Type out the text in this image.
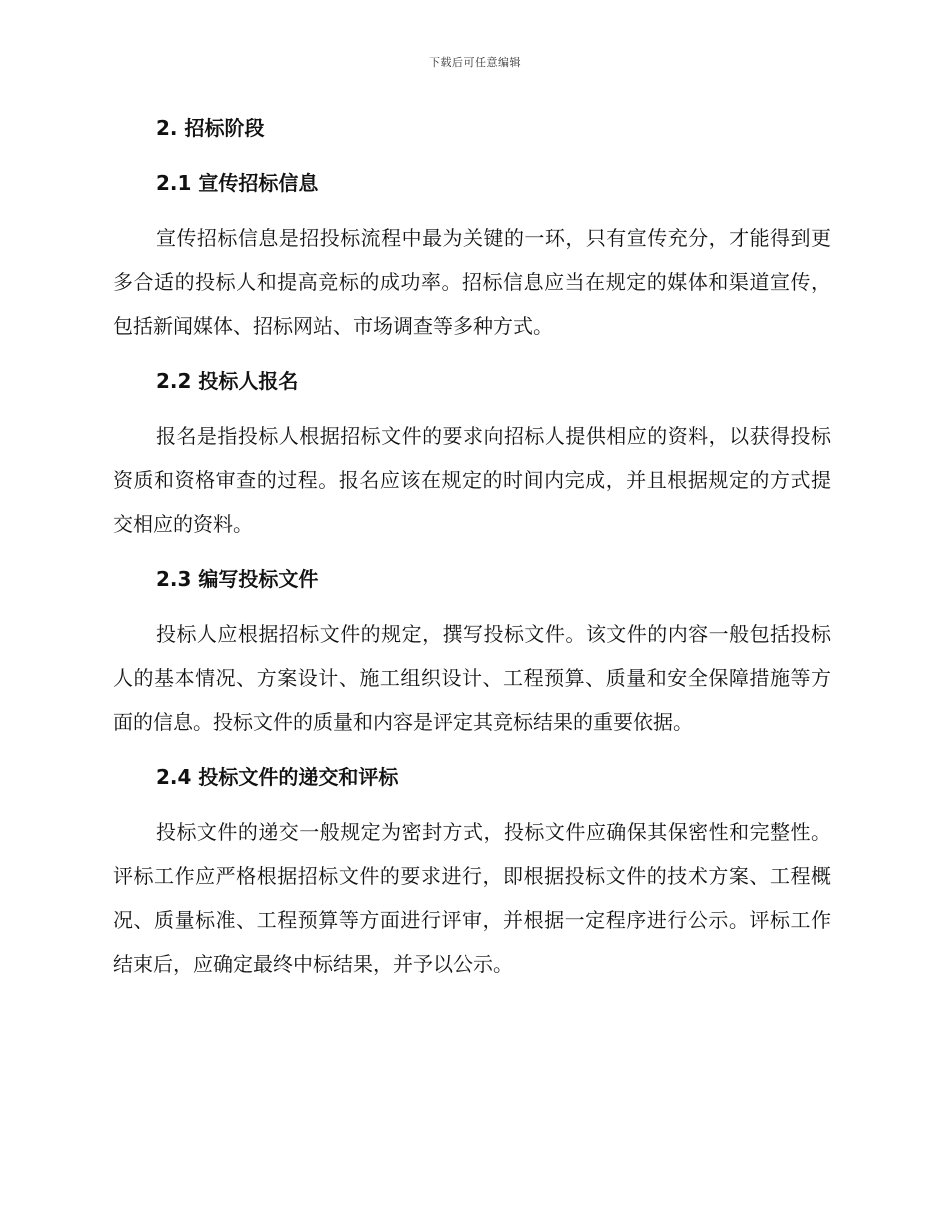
下载后可任意编辑
2. 招标阶段
2.1 宣传招标信息

宣传招标信息是招投标流程中最为关键的一环，只有宣传充分，才能得到更多合适的投标人和提高竞标的成功率。招标信息应当在规定的媒体和渠道宣传，包括新闻媒体、招标网站、市场调查等多种方式。

2.2 投标人报名

报名是指投标人根据招标文件的要求向招标人提供相应的资料，以获得投标资质和资格审查的过程。报名应该在规定的时间内完成，并且根据规定的方式提交相应的资料。

2.3 编写投标文件

投标人应根据招标文件的规定，撰写投标文件。该文件的内容一般包括投标人的基本情况、方案设计、施工组织设计、工程预算、质量和安全保障措施等方面的信息。投标文件的质量和内容是评定其竞标结果的重要依据。

2.4 投标文件的递交和评标

投标文件的递交一般规定为密封方式，投标文件应确保其保密性和完整性。评标工作应严格根据招标文件的要求进行，即根据投标文件的技术方案、工程概况、质量标准、工程预算等方面进行评审，并根据一定程序进行公示。评标工作结束后，应确定最终中标结果，并予以公示。
